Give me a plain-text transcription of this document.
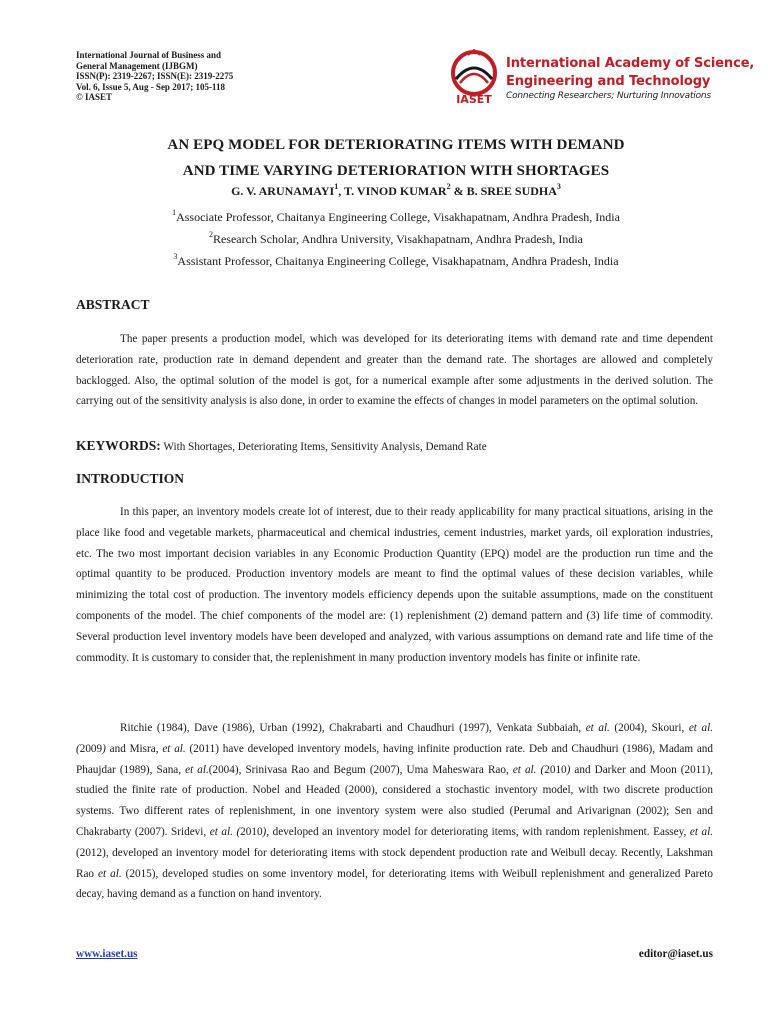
International Journal of Business and
General Management (IJBGM)
ISSN(P): 2319-2267; ISSN(E): 2319-2275
Vol. 6, Issue 5, Aug - Sep 2017; 105-118
© IASET	IASET
International Academy of Science,
Engineering and Technology
Connecting Researchers; Nurturing Innovations
AN EPQ MODEL FOR DETERIORATING ITEMS WITH DEMAND
AND TIME VARYING DETERIORATION WITH SHORTAGES
G. V. ARUNAMAYI$^1$, T. VINOD KUMAR$^2$ & B. SREE SUDHA$^3$
$^1$Associate Professor, Chaitanya Engineering College, Visakhapatnam, Andhra Pradesh, India
$^2$Research Scholar, Andhra University, Visakhapatnam, Andhra Pradesh, India
$^3$Assistant Professor, Chaitanya Engineering College, Visakhapatnam, Andhra Pradesh, India
ABSTRACT

The paper presents a production model, which was developed for its deteriorating items with demand rate and time dependent deterioration rate, production rate in demand dependent and greater than the demand rate. The shortages are allowed and completely backlogged. Also, the optimal solution of the model is got, for a numerical example after some adjustments in the derived solution. The carrying out of the sensitivity analysis is also done, in order to examine the effects of changes in model parameters on the optimal solution.

KEYWORDS: With Shortages, Deteriorating Items, Sensitivity Analysis, Demand Rate
INTRODUCTION

In this paper, an inventory models create lot of interest, due to their ready applicability for many practical situations, arising in the place like food and vegetable markets, pharmaceutical and chemical industries, cement industries, market yards, oil exploration industries, etc. The two most important decision variables in any Economic Production Quantity (EPQ) model are the production run time and the optimal quantity to be produced. Production inventory models are meant to find the optimal values of these decision variables, while minimizing the total cost of production. The inventory models efficiency depends upon the suitable assumptions, made on the constituent components of the model. The chief components of the model are: (1) replenishment (2) demand pattern and (3) life time of commodity. Several production level inventory models have been developed and analyzed, with various assumptions on demand rate and life time of the commodity. It is customary to consider that, the replenishment in many production inventory models has finite or infinite rate.

Ritchie (1984), Dave (1986), Urban (1992), Chakrabarti and Chaudhuri (1997), Venkata Subbaiah, et al. (2004), Skouri, et al. (2009) and Misra, et al. (2011) have developed inventory models, having infinite production rate. Deb and Chaudhuri (1986), Madam and Phaujdar (1989), Sana, et al.(2004), Srinivasa Rao and Begum (2007), Uma Maheswara Rao, et al. (2010) and Darker and Moon (2011), studied the finite rate of production. Nobel and Headed (2000), considered a stochastic inventory model, with two discrete production systems. Two different rates of replenishment, in one inventory system were also studied (Perumal and Arivarignan (2002); Sen and Chakrabarty (2007). Sridevi, et al. (2010), developed an inventory model for deteriorating items, with random replenishment. Eassey, et al. (2012), developed an inventory model for deteriorating items with stock dependent production rate and Weibull decay. Recently, Lakshman Rao et al. (2015), developed studies on some inventory model, for deteriorating items with Weibull replenishment and generalized Pareto decay, having demand as a function on hand inventory.

www.iaset.us	editor@iaset.us
